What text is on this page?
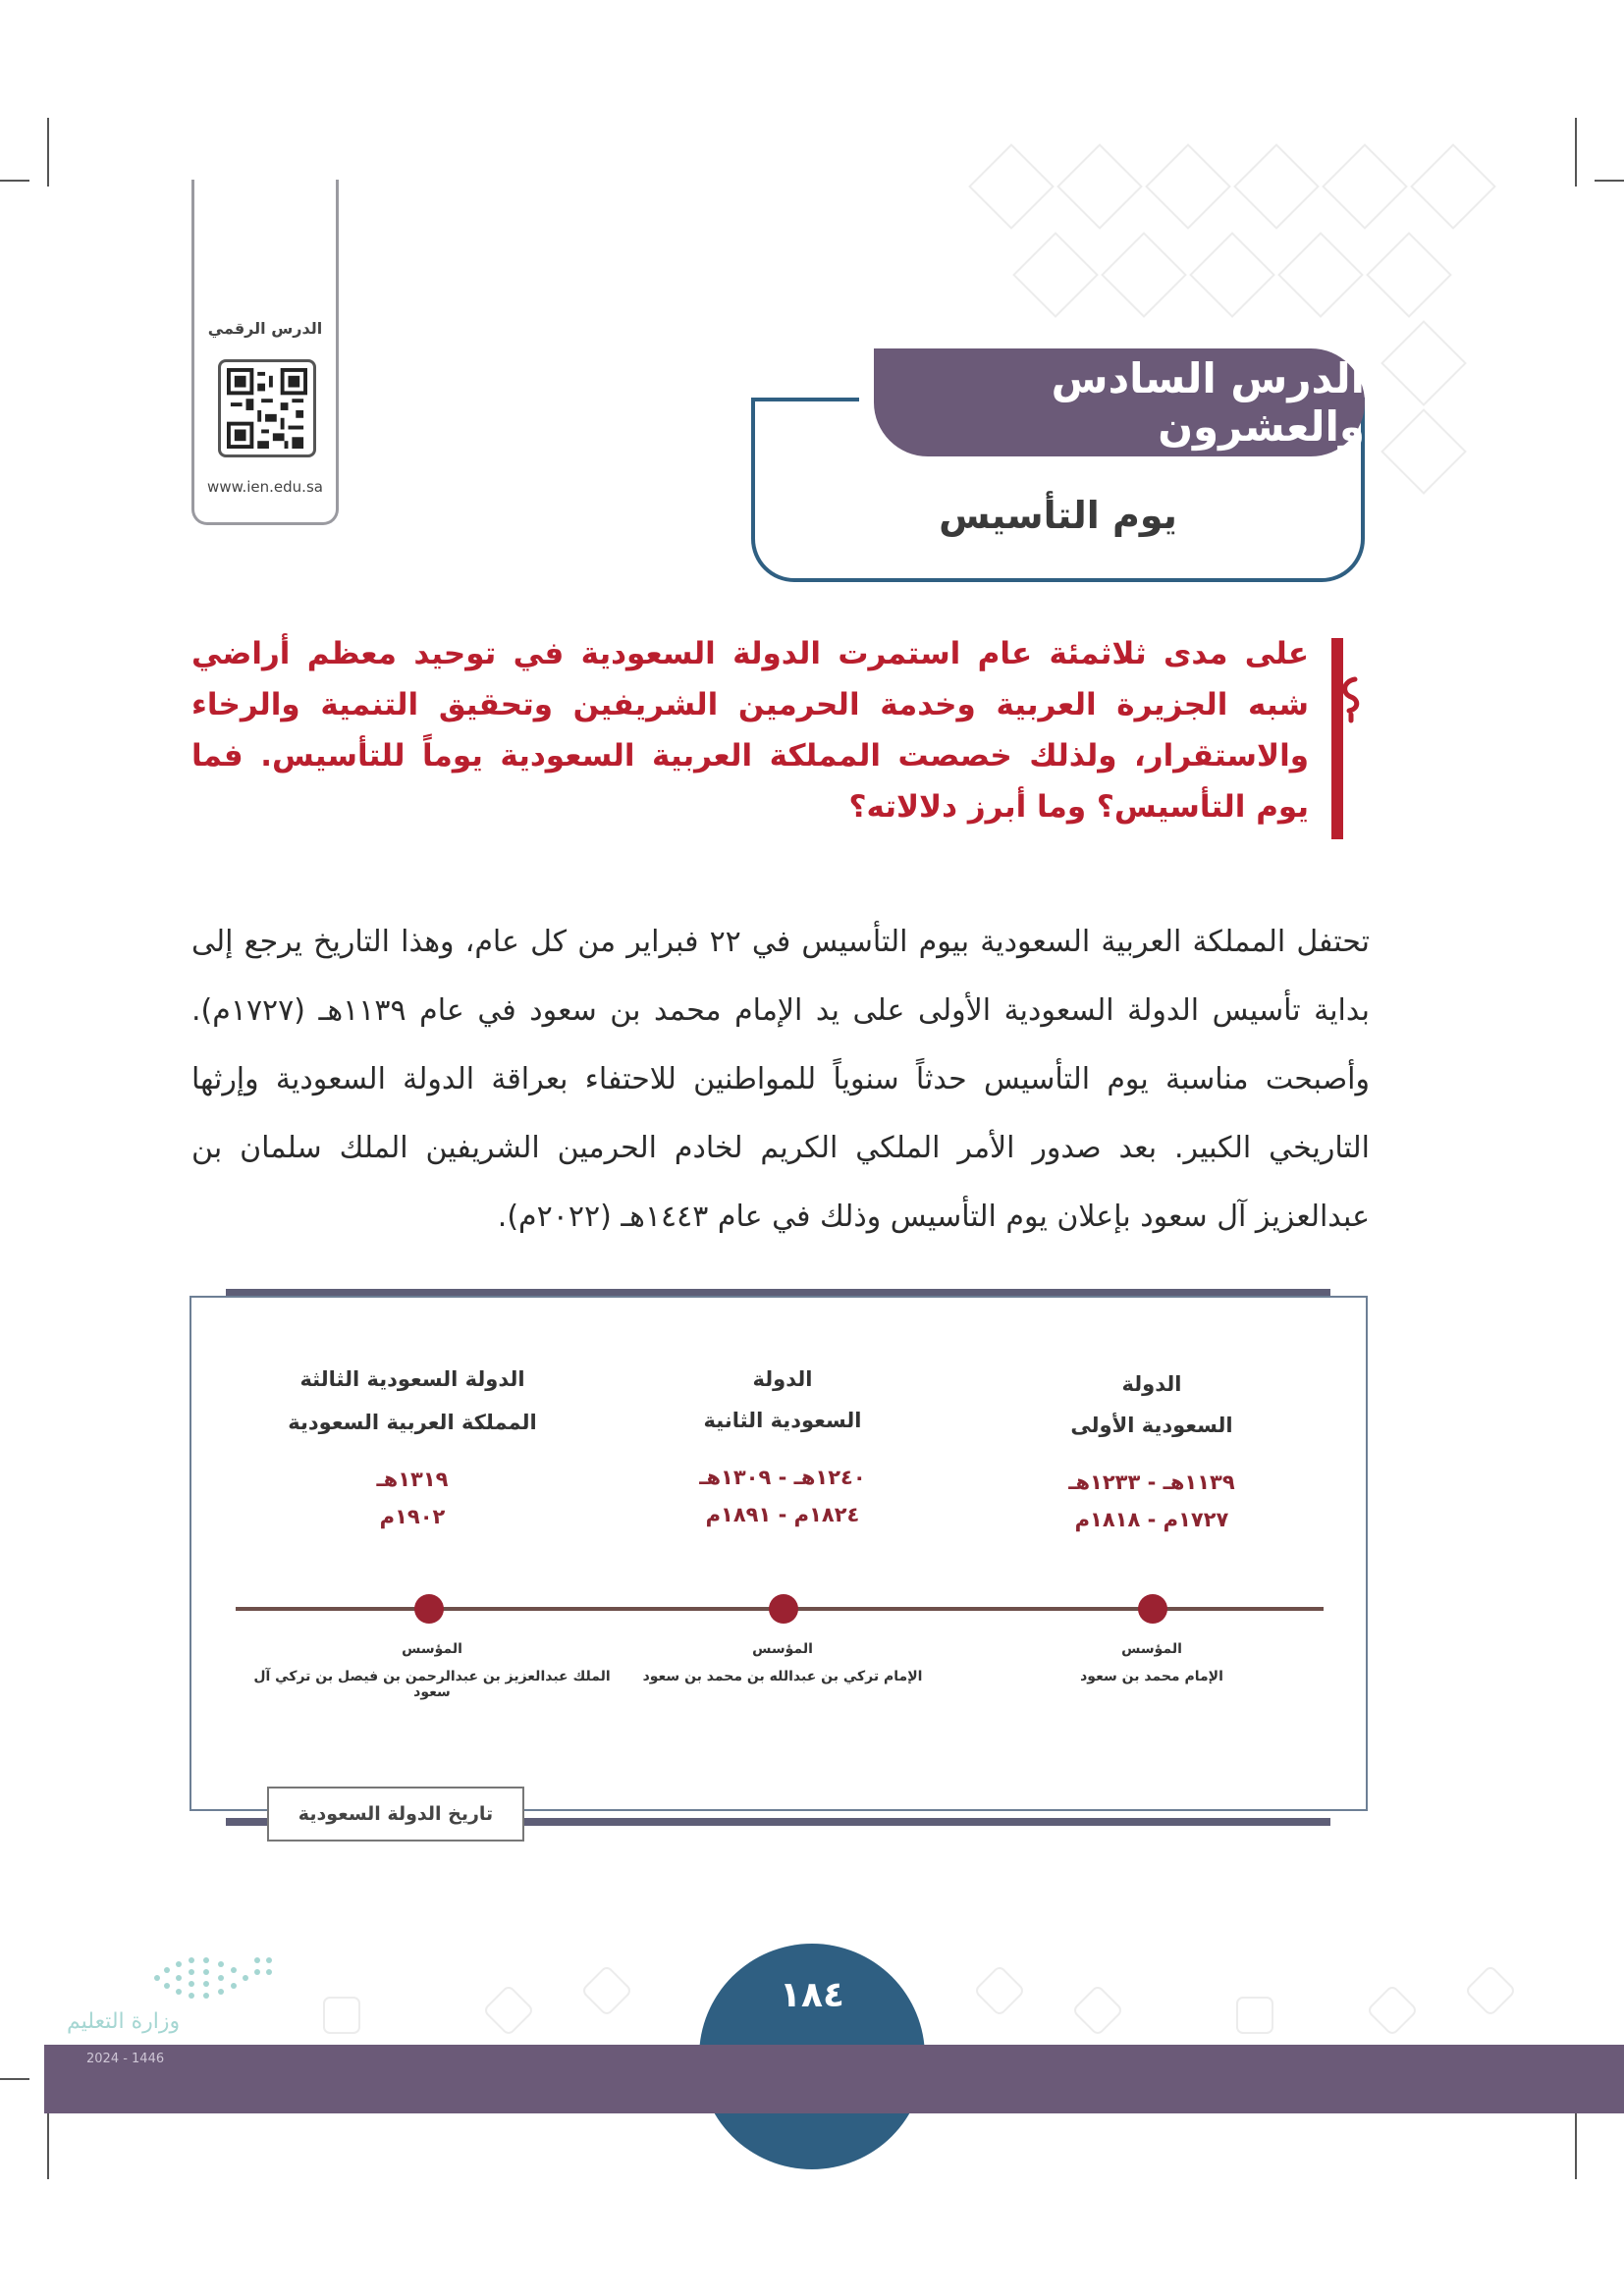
الدرس الرقمي
www.ien.edu.sa
الدرس السادس والعشرون
يوم التأسيس
على مدى ثلاثمئة عام استمرت الدولة السعودية في توحيد معظم أراضي شبه الجزيرة العربية وخدمة الحرمين الشريفين وتحقيق التنمية والرخاء والاستقرار، ولذلك خصصت المملكة العربية السعودية يوماً للتأسيس. فما يوم التأسيس؟ وما أبرز دلالاته؟
تحتفل المملكة العربية السعودية بيوم التأسيس في ٢٢ فبراير من كل عام، وهذا التاريخ يرجع إلى بداية تأسيس الدولة السعودية الأولى على يد الإمام محمد بن سعود في عام ١١٣٩هـ (١٧٢٧م). وأصبحت مناسبة يوم التأسيس حدثاً سنوياً للمواطنين للاحتفاء بعراقة الدولة السعودية وإرثها التاريخي الكبير. بعد صدور الأمر الملكي الكريم لخادم الحرمين الشريفين الملك سلمان بن عبدالعزيز آل سعود بإعلان يوم التأسيس وذلك في عام ١٤٤٣هـ (٢٠٢٢م).
الدولة
السعودية الأولى
١١٣٩هـ - ١٢٣٣هـ
١٧٢٧م - ١٨١٨م
الدولة
السعودية الثانية
١٢٤٠هـ - ١٣٠٩هـ
١٨٢٤م - ١٨٩١م
الدولة السعودية الثالثة
المملكة العربية السعودية
١٣١٩هـ
١٩٠٢م
المؤسس
الإمام محمد بن سعود
المؤسس
الإمام تركي بن عبدالله بن محمد بن سعود
المؤسس
الملك عبدالعزيز بن عبدالرحمن بن فيصل بن تركي آل سعود
تاريخ الدولة السعودية
وزارة التعليم
2024 - 1446
١٨٤
